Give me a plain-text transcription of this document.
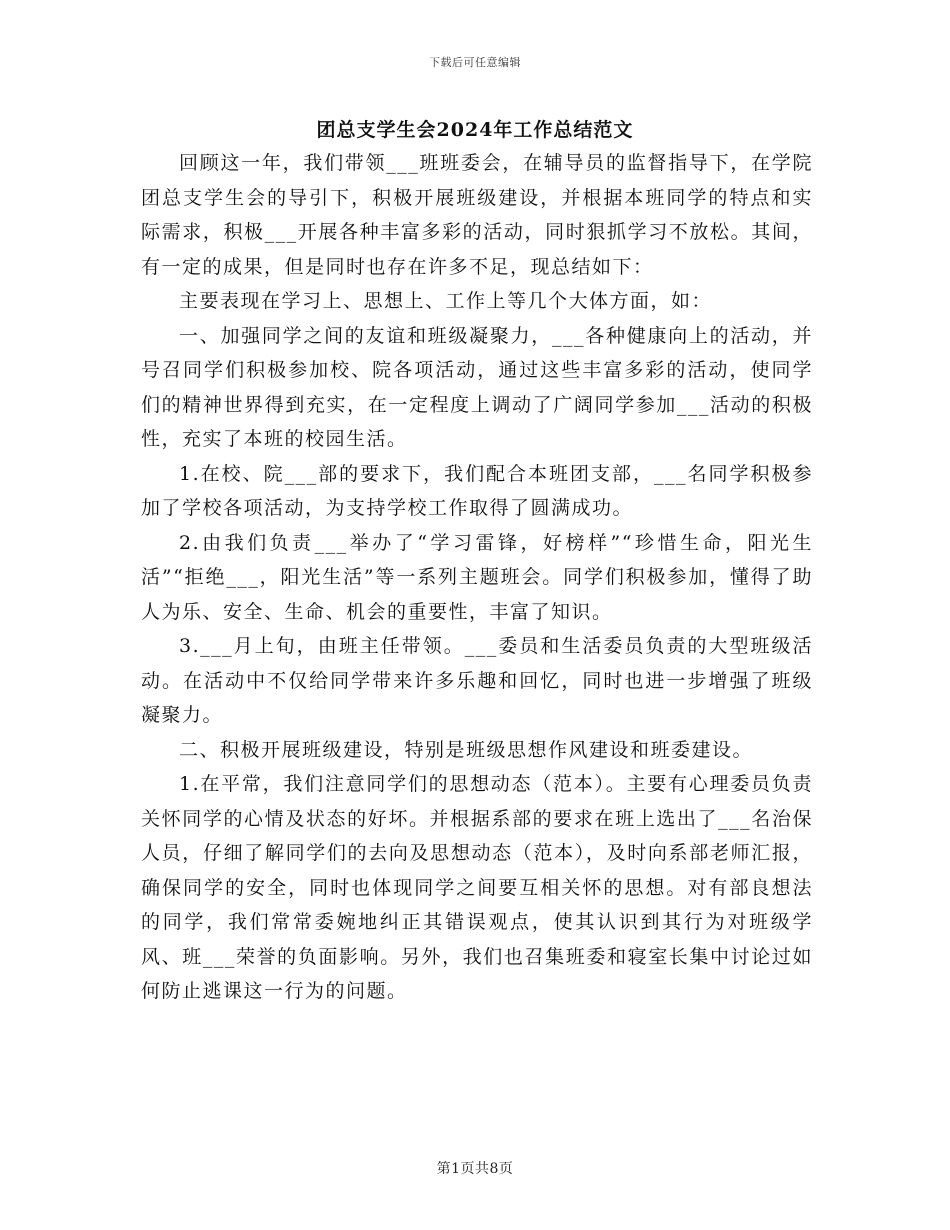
下载后可任意编辑
团总支学生会2024年工作总结范文

回顾这一年，我们带领___班班委会，在辅导员的监督指导下，在学院团总支学生会的导引下，积极开展班级建设，并根据本班同学的特点和实际需求，积极___开展各种丰富多彩的活动，同时狠抓学习不放松。其间，有一定的成果，但是同时也存在许多不足，现总结如下：

主要表现在学习上、思想上、工作上等几个大体方面，如：

一、加强同学之间的友谊和班级凝聚力，___各种健康向上的活动，并号召同学们积极参加校、院各项活动，通过这些丰富多彩的活动，使同学们的精神世界得到充实，在一定程度上调动了广阔同学参加___活动的积极性，充实了本班的校园生活。

1.在校、院___部的要求下，我们配合本班团支部，___名同学积极参加了学校各项活动，为支持学校工作取得了圆满成功。

2.由我们负责___举办了“学习雷锋，好榜样”“珍惜生命，阳光生活”“拒绝___，阳光生活”等一系列主题班会。同学们积极参加，懂得了助人为乐、安全、生命、机会的重要性，丰富了知识。

3.___月上旬，由班主任带领。___委员和生活委员负责的大型班级活动。在活动中不仅给同学带来许多乐趣和回忆，同时也进一步增强了班级凝聚力。

二、积极开展班级建设，特别是班级思想作风建设和班委建设。

1.在平常，我们注意同学们的思想动态（范本）。主要有心理委员负责关怀同学的心情及状态的好坏。并根据系部的要求在班上选出了___名治保人员，仔细了解同学们的去向及思想动态（范本），及时向系部老师汇报，确保同学的安全，同时也体现同学之间要互相关怀的思想。对有部良想法的同学，我们常常委婉地纠正其错误观点，使其认识到其行为对班级学风、班___荣誉的负面影响。另外，我们也召集班委和寝室长集中讨论过如何防止逃课这一行为的问题。

第1页共8页
